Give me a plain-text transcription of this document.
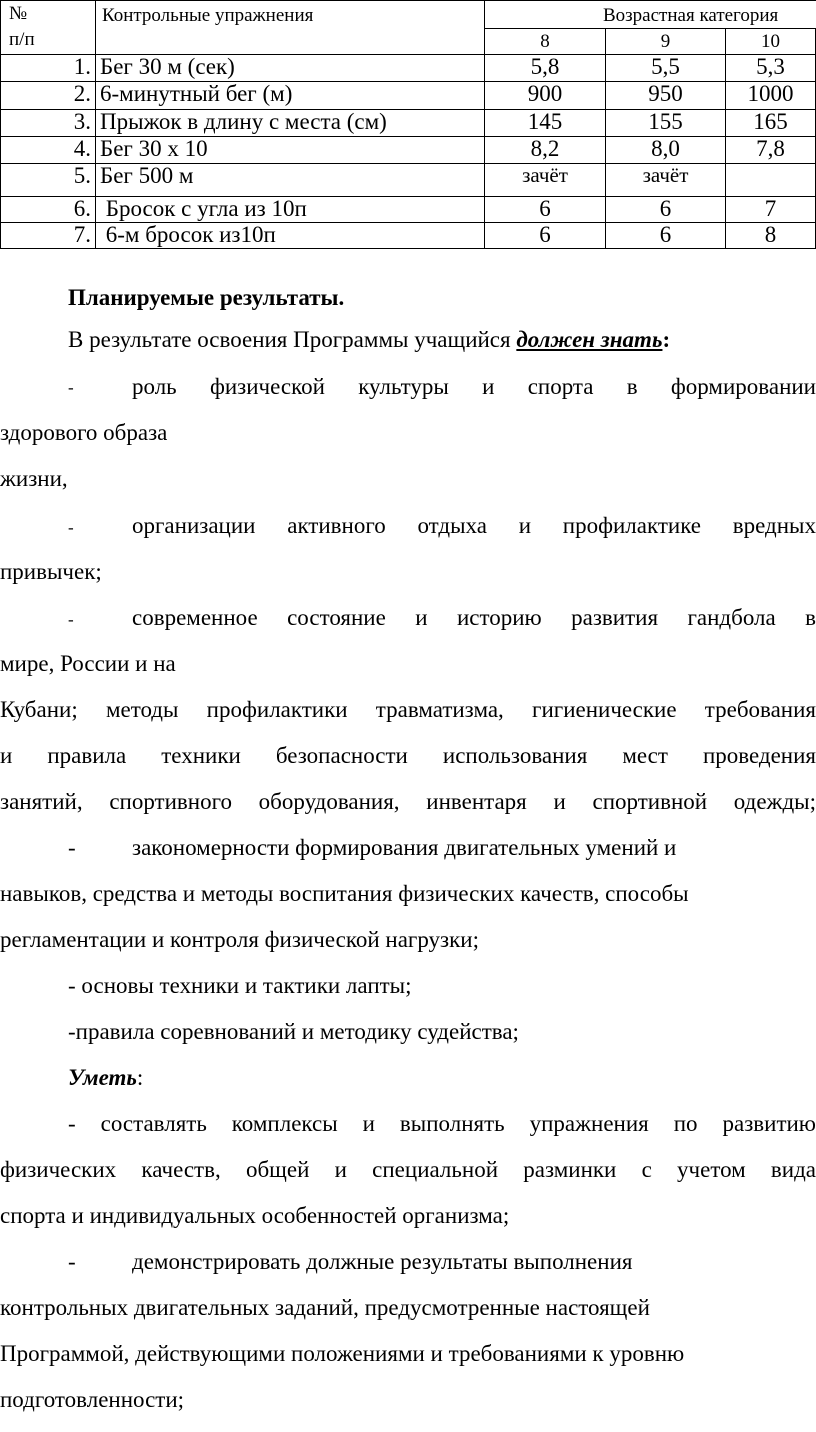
№
п/п	Контрольные упражнения	Возрастная категория			
		8	9	10	
1.	Бег 30 м (сек)	5,8	5,5	5,3	
2.	6-минутный бег (м)	900	950	1000	
3.	Прыжок в длину с места (см)	145	155	165	
4.	Бег 30 х 10	8,2	8,0	7,8	
5.	Бег 500 м	зачёт	зачёт		
6.	Бросок с угла из 10п	6	6	7	
7.	6-м бросок из10п	6	6	8	
Планируемые результаты.
В результате освоения Программы учащийся должен знать:
-	роль физической культуры и спорта в формировании
здорового образа
жизни,
-	организации активного отдыха и профилактике вредных
привычек;
-	современное состояние и историю развития гандбола в
мире, России и на
Кубани; методы профилактики травматизма, гигиенические требования
и правила техники безопасности использования мест проведения
занятий, спортивного оборудования, инвентаря и спортивной одежды;
- закономерности формирования двигательных умений и
навыков, средства и методы воспитания физических качеств, способы
регламентации и контроля физической нагрузки;
- основы техники и тактики лапты;
-правила соревнований и методику судейства;
Уметь:
- составлять комплексы и выполнять упражнения по развитию
физических качеств, общей и специальной разминки с учетом вида
спорта и индивидуальных особенностей организма;
- демонстрировать должные результаты выполнения
контрольных двигательных заданий, предусмотренные настоящей
Программой, действующими положениями и требованиями к уровню
подготовленности;
